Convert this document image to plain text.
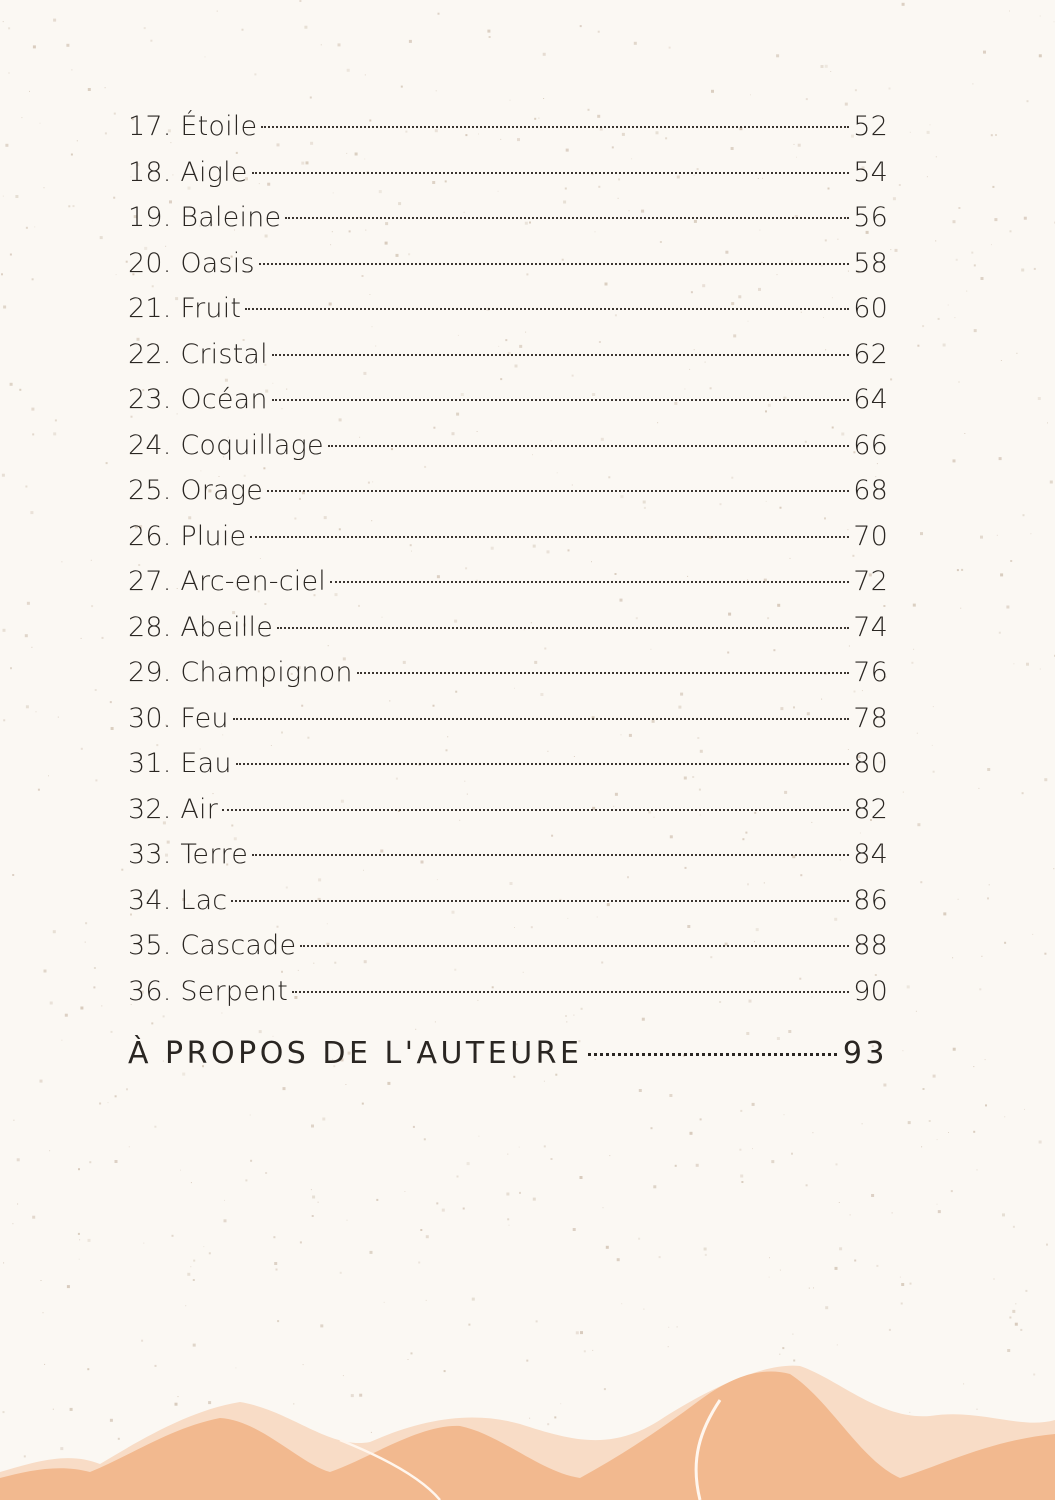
17. Étoile	52
18. Aigle	54
19. Baleine	56
20. Oasis	58
21. Fruit	60
22. Cristal	62
23. Océan	64
24. Coquillage	66
25. Orage	68
26. Pluie	70
27. Arc-en-ciel	72
28. Abeille	74
29. Champignon	76
30. Feu	78
31. Eau	80
32. Air	82
33. Terre	84
34. Lac	86
35. Cascade	88
36. Serpent	90
À PROPOS DE L'AUTEURE	93
